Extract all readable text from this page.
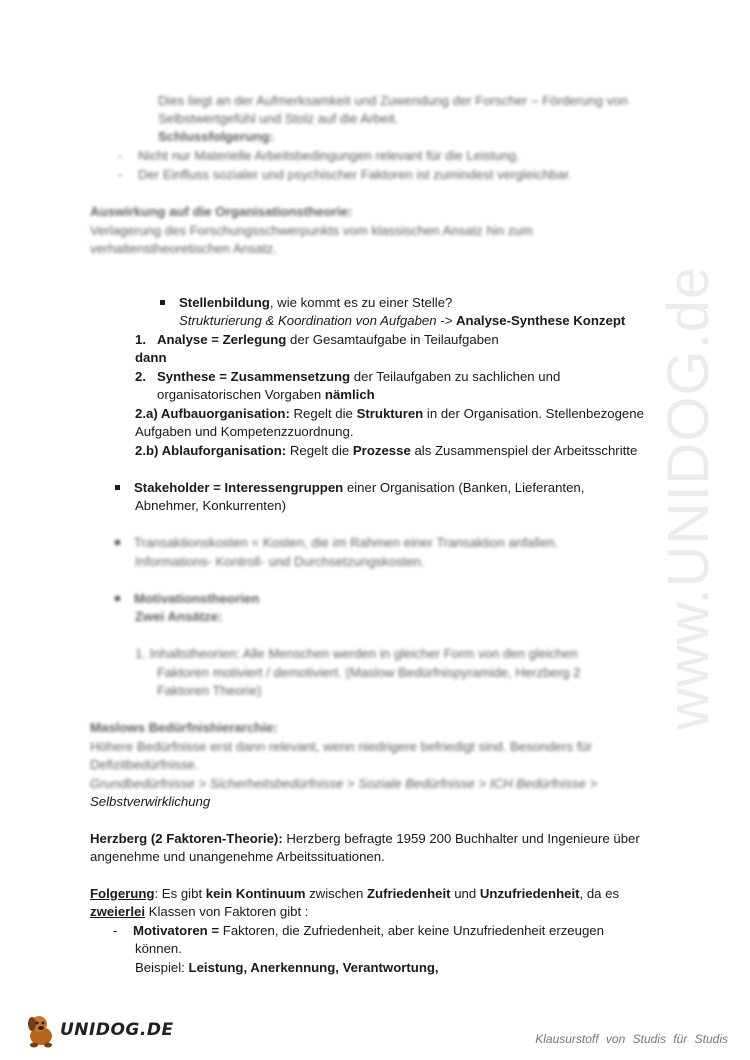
www.UNIDOG.de
Dies liegt an der Aufmerksamkeit und Zuwendung der Forscher – Förderung von
Selbstwertgefühl und Stolz auf die Arbeit.
Schlussfolgerung:
- Nicht nur Materielle Arbeitsbedingungen relevant für die Leistung.
- Der Einfluss sozialer und psychischer Faktoren ist zumindest vergleichbar.
Auswirkung auf die Organisationstheorie:
Verlagerung des Forschungsschwerpunkts vom klassischen Ansatz hin zum
verhaltenstheoretischen Ansatz.
Stellenbildung, wie kommt es zu einer Stelle?
Strukturierung & Koordination von Aufgaben -> Analyse-Synthese Konzept
1. Analyse = Zerlegung der Gesamtaufgabe in Teilaufgaben
dann
2. Synthese = Zusammensetzung der Teilaufgaben zu sachlichen und
organisatorischen Vorgaben nämlich
2.a) Aufbauorganisation: Regelt die Strukturen in der Organisation. Stellenbezogene
Aufgaben und Kompetenzzuordnung.
2.b) Ablauforganisation: Regelt die Prozesse als Zusammenspiel der Arbeitsschritte
Stakeholder = Interessengruppen einer Organisation (Banken, Lieferanten,
Abnehmer, Konkurrenten)
Transaktionskosten = Kosten, die im Rahmen einer Transaktion anfallen.
Informations- Kontroll- und Durchsetzungskosten.
Motivationstheorien
Zwei Ansätze:
1. Inhaltstheorien: Alle Menschen werden in gleicher Form von den gleichen
Faktoren motiviert / demotiviert. (Maslow Bedürfnispyramide, Herzberg 2
Faktoren Theorie)
Maslows Bedürfnishierarchie:
Höhere Bedürfnisse erst dann relevant, wenn niedrigere befriedigt sind. Besonders für
Defizitbedürfnisse.
Grundbedürfnisse > Sicherheitsbedürfnisse > Soziale Bedürfnisse > ICH Bedürfnisse >
Selbstverwirklichung
Herzberg (2 Faktoren-Theorie): Herzberg befragte 1959 200 Buchhalter und Ingenieure über
angenehme und unangenehme Arbeitssituationen.
Folgerung: Es gibt kein Kontinuum zwischen Zufriedenheit und Unzufriedenheit, da es
zweierlei Klassen von Faktoren gibt :
- Motivatoren = Faktoren, die Zufriedenheit, aber keine Unzufriedenheit erzeugen
können.
Beispiel: Leistung, Anerkennung, Verantwortung,
UNIDOG.DE	Klausurstoff von Studis für Studis
